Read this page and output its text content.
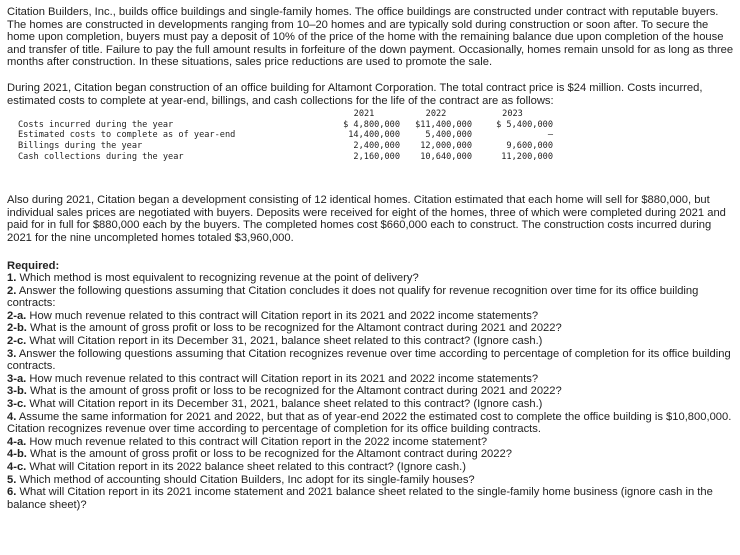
Citation Builders, Inc., builds office buildings and single-family homes. The office buildings are constructed under contract with reputable buyers. The homes are constructed in developments ranging from 10–20 homes and are typically sold during construction or soon after. To secure the home upon completion, buyers must pay a deposit of 10% of the price of the home with the remaining balance due upon completion of the house and transfer of title. Failure to pay the full amount results in forfeiture of the down payment. Occasionally, homes remain unsold for as long as three months after construction. In these situations, sales price reductions are used to promote the sale.

During 2021, Citation began construction of an office building for Altamont Corporation. The total contract price is $24 million. Costs incurred, estimated costs to complete at year-end, billings, and cash collections for the life of the contract are as follows:

	2021	2022	2023
Costs incurred during the year	$ 4,800,000	$11,400,000	$ 5,400,000
Estimated costs to complete as of year-end	14,400,000	5,400,000	–
Billings during the year	2,400,000	12,000,000	9,600,000
Cash collections during the year	2,160,000	10,640,000	11,200,000

Also during 2021, Citation began a development consisting of 12 identical homes. Citation estimated that each home will sell for $880,000, but individual sales prices are negotiated with buyers. Deposits were received for eight of the homes, three of which were completed during 2021 and paid for in full for $880,000 each by the buyers. The completed homes cost $660,000 each to construct. The construction costs incurred during 2021 for the nine uncompleted homes totaled $3,960,000.

Required:

1. Which method is most equivalent to recognizing revenue at the point of delivery?

2. Answer the following questions assuming that Citation concludes it does not qualify for revenue recognition over time for its office building contracts:

2-a. How much revenue related to this contract will Citation report in its 2021 and 2022 income statements?

2-b. What is the amount of gross profit or loss to be recognized for the Altamont contract during 2021 and 2022?

2-c. What will Citation report in its December 31, 2021, balance sheet related to this contract? (Ignore cash.)

3. Answer the following questions assuming that Citation recognizes revenue over time according to percentage of completion for its office building contracts.

3-a. How much revenue related to this contract will Citation report in its 2021 and 2022 income statements?

3-b. What is the amount of gross profit or loss to be recognized for the Altamont contract during 2021 and 2022?

3-c. What will Citation report in its December 31, 2021, balance sheet related to this contract? (Ignore cash.)

4. Assume the same information for 2021 and 2022, but that as of year-end 2022 the estimated cost to complete the office building is $10,800,000. Citation recognizes revenue over time according to percentage of completion for its office building contracts.

4-a. How much revenue related to this contract will Citation report in the 2022 income statement?

4-b. What is the amount of gross profit or loss to be recognized for the Altamont contract during 2022?

4-c. What will Citation report in its 2022 balance sheet related to this contract? (Ignore cash.)

5. Which method of accounting should Citation Builders, Inc adopt for its single-family houses?

6. What will Citation report in its 2021 income statement and 2021 balance sheet related to the single-family home business (ignore cash in the balance sheet)?
